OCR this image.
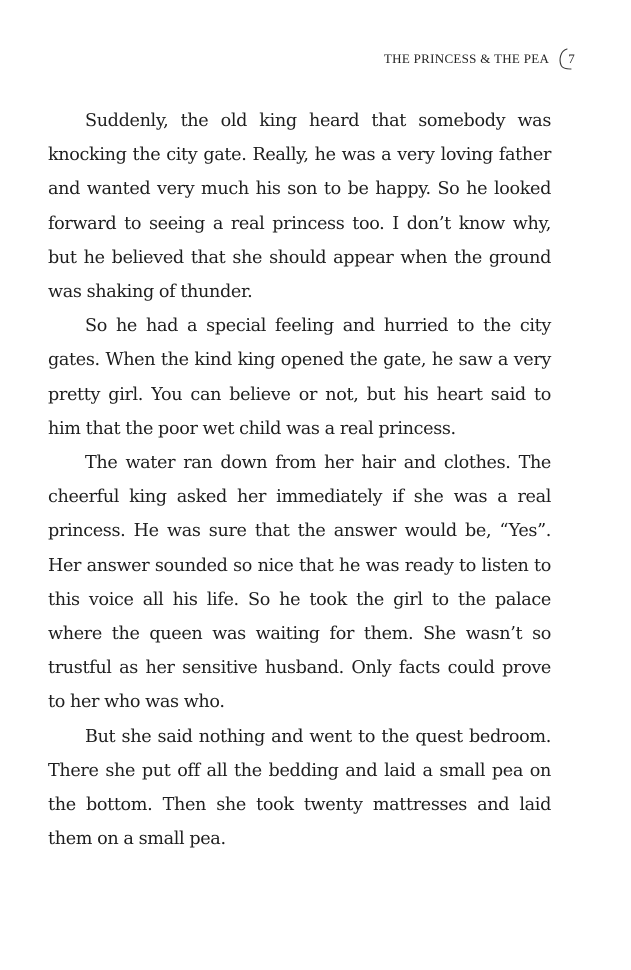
THE PRINCESS & THE PEA	7

Suddenly, the old king heard that somebody was knocking the city gate. Really, he was a very loving father and wanted very much his son to be happy. So he looked forward to seeing a real princess too. I don’t know why, but he believed that she should appear when the ground was shaking of thunder.

So he had a special feeling and hurried to the city gates. When the kind king opened the gate, he saw a very pretty girl. You can believe or not, but his heart said to him that the poor wet child was a real princess.

The water ran down from her hair and clothes. The cheerful king asked her immediately if she was a real princess. He was sure that the answer would be, “Yes”. Her answer sounded so nice that he was ready to listen to this voice all his life. So he took the girl to the palace where the queen was waiting for them. She wasn’t so trustful as her sensitive husband. Only facts could prove to her who was who.

But she said nothing and went to the quest bedroom. There she put off all the bedding and laid a small pea on the bottom. Then she took twenty mattresses and laid them on a small pea.
